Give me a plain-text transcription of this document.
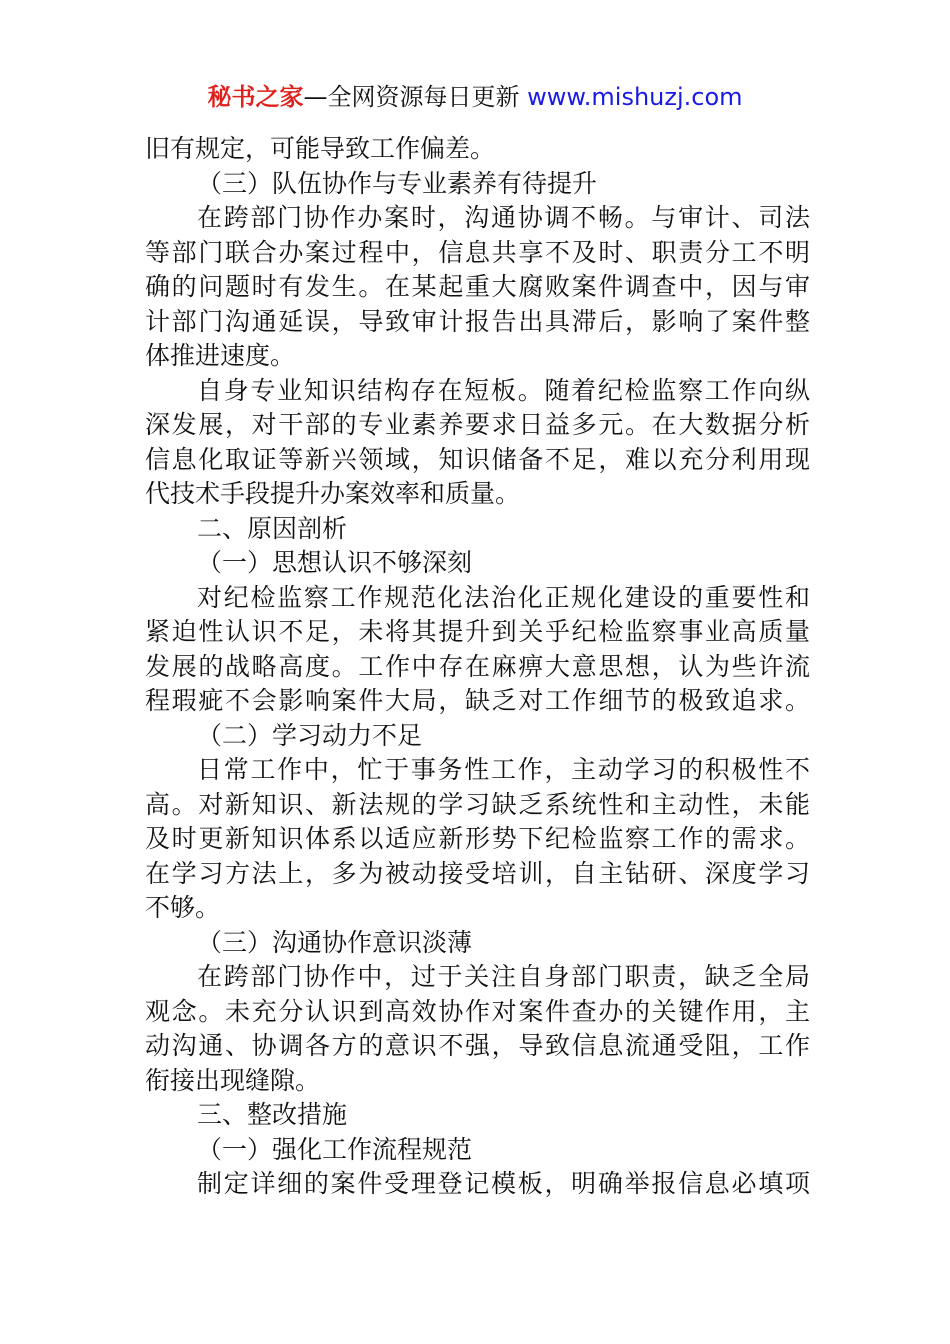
秘书之家—全网资源每日更新 www.mishuzj.com
旧有规定，可能导致工作偏差。
（三）队伍协作与专业素养有待提升
在跨部门协作办案时，沟通协调不畅。与审计、司法
等部门联合办案过程中，信息共享不及时、职责分工不明
确的问题时有发生。在某起重大腐败案件调查中，因与审
计部门沟通延误，导致审计报告出具滞后，影响了案件整
体推进速度。
自身专业知识结构存在短板。随着纪检监察工作向纵
深发展，对干部的专业素养要求日益多元。在大数据分析
信息化取证等新兴领域，知识储备不足，难以充分利用现
代技术手段提升办案效率和质量。
二、原因剖析
（一）思想认识不够深刻
对纪检监察工作规范化法治化正规化建设的重要性和
紧迫性认识不足，未将其提升到关乎纪检监察事业高质量
发展的战略高度。工作中存在麻痹大意思想，认为些许流
程瑕疵不会影响案件大局，缺乏对工作细节的极致追求。
（二）学习动力不足
日常工作中，忙于事务性工作，主动学习的积极性不
高。对新知识、新法规的学习缺乏系统性和主动性，未能
及时更新知识体系以适应新形势下纪检监察工作的需求。
在学习方法上，多为被动接受培训，自主钻研、深度学习
不够。
（三）沟通协作意识淡薄
在跨部门协作中，过于关注自身部门职责，缺乏全局
观念。未充分认识到高效协作对案件查办的关键作用，主
动沟通、协调各方的意识不强，导致信息流通受阻，工作
衔接出现缝隙。
三、整改措施
（一）强化工作流程规范
制定详细的案件受理登记模板，明确举报信息必填项
